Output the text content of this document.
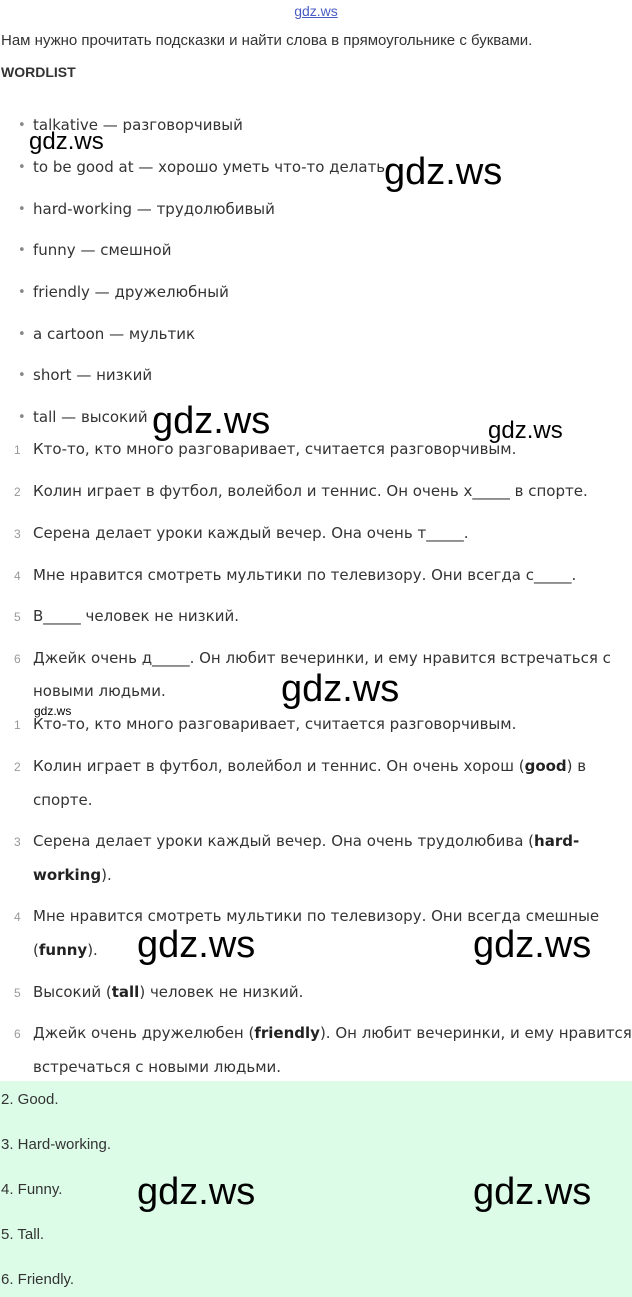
gdz.ws
Нам нужно прочитать подсказки и найти слова в прямоугольнике с буквами.
WORDLIST
• talkative — разговорчивый
• to be good at — хорошо уметь что-то делать
• hard-working — трудолюбивый
• funny — смешной
• friendly — дружелюбный
• a cartoon — мультик
• short — низкий
• tall — высокий
1 Кто-то, кто много разговаривает, считается разговорчивым.
2 Колин играет в футбол, волейбол и теннис. Он очень х_____ в спорте.
3 Серена делает уроки каждый вечер. Она очень т_____.
4 Мне нравится смотреть мультики по телевизору. Они всегда с_____.
5 В_____ человек не низкий.
6 Джейк очень д_____. Он любит вечеринки, и ему нравится встречаться с
новыми людьми.
1 Кто-то, кто много разговаривает, считается разговорчивым.
2 Колин играет в футбол, волейбол и теннис. Он очень хорош (good) в
спорте.
3 Серена делает уроки каждый вечер. Она очень трудолюбива (hard-
working).
4 Мне нравится смотреть мультики по телевизору. Они всегда смешные
(funny).
5 Высокий (tall) человек не низкий.
6 Джейк очень дружелюбен (friendly). Он любит вечеринки, и ему нравится
встречаться с новыми людьми.
2. Good.
3. Hard-working.
4. Funny.
5. Tall.
6. Friendly.
gdz.ws
gdz.ws
gdz.ws	gdz.ws
gdz.ws
gdz.ws
gdz.ws	gdz.ws
gdz.ws	gdz.ws
